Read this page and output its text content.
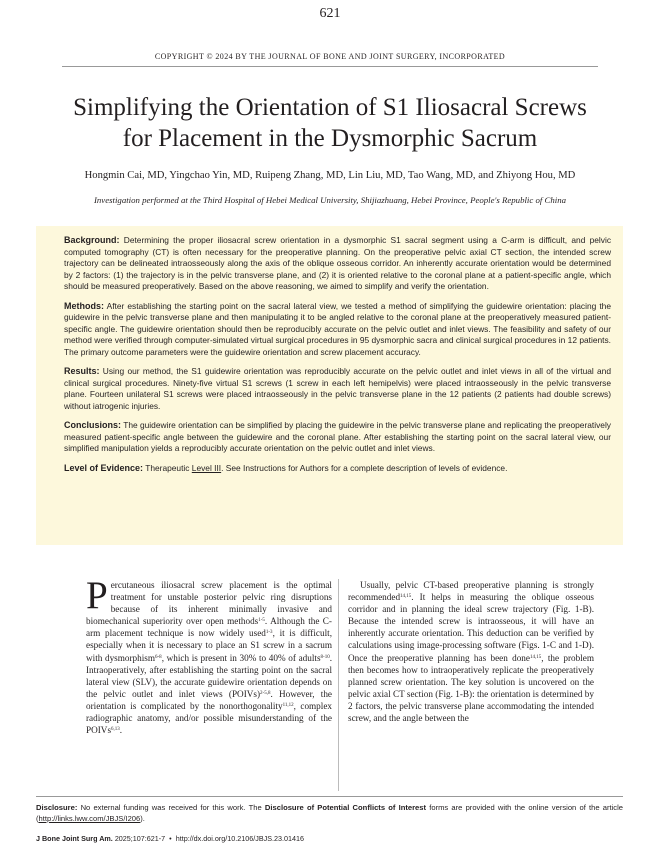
621
COPYRIGHT © 2024 BY THE JOURNAL OF BONE AND JOINT SURGERY, INCORPORATED
Simplifying the Orientation of S1 Iliosacral Screws
for Placement in the Dysmorphic Sacrum
Hongmin Cai, MD, Yingchao Yin, MD, Ruipeng Zhang, MD, Lin Liu, MD, Tao Wang, MD, and Zhiyong Hou, MD
Investigation performed at the Third Hospital of Hebei Medical University, Shijiazhuang, Hebei Province, People's Republic of China

Background: Determining the proper iliosacral screw orientation in a dysmorphic S1 sacral segment using a C-arm is difficult, and pelvic computed tomography (CT) is often necessary for the preoperative planning. On the preoperative pelvic axial CT section, the intended screw trajectory can be delineated intraosseously along the axis of the oblique osseous corridor. An inherently accurate orientation would be determined by 2 factors: (1) the trajectory is in the pelvic transverse plane, and (2) it is oriented relative to the coronal plane at a patient-specific angle, which should be measured preoperatively. Based on the above reasoning, we aimed to simplify and verify the orientation.

Methods: After establishing the starting point on the sacral lateral view, we tested a method of simplifying the guidewire orientation: placing the guidewire in the pelvic transverse plane and then manipulating it to be angled relative to the coronal plane at the preoperatively measured patient-specific angle. The guidewire orientation should then be reproducibly accurate on the pelvic outlet and inlet views. The feasibility and safety of our method were verified through computer-simulated virtual surgical procedures in 95 dysmorphic sacra and clinical surgical procedures in 12 patients. The primary outcome parameters were the guidewire orientation and screw placement accuracy.

Results: Using our method, the S1 guidewire orientation was reproducibly accurate on the pelvic outlet and inlet views in all of the virtual and clinical surgical procedures. Ninety-five virtual S1 screws (1 screw in each left hemipelvis) were placed intraosseously in the pelvic transverse plane. Fourteen unilateral S1 screws were placed intraosseously in the pelvic transverse plane in the 12 patients (2 patients had double screws) without iatrogenic injuries.

Conclusions: The guidewire orientation can be simplified by placing the guidewire in the pelvic transverse plane and replicating the preoperatively measured patient-specific angle between the guidewire and the coronal plane. After establishing the starting point on the sacral lateral view, our simplified manipulation yields a reproducibly accurate orientation on the pelvic outlet and inlet views.

Level of Evidence: Therapeutic Level III. See Instructions for Authors for a complete description of levels of evidence.

Percutaneous iliosacral screw placement is the optimal treatment for unstable posterior pelvic ring disruptions because of its inherent minimally invasive and biomechanical superiority over open methods$^{1-5}$. Although the C-arm placement technique is now widely used$^{1-3}$, it is difficult, especially when it is necessary to place an S1 screw in a sacrum with dysmorphism$^{6-8}$, which is present in 30% to 40% of adults$^{8-10}$. Intraoperatively, after establishing the starting point on the sacral lateral view (SLV), the accurate guidewire orientation depends on the pelvic outlet and inlet views (POIVs)$^{2-5,8}$. However, the orientation is complicated by the nonorthogonality$^{11,12}$, complex radiographic anatomy, and/or possible misunderstanding of the POIVs$^{6,13}$.

Usually, pelvic CT-based preoperative planning is strongly recommended$^{14,15}$. It helps in measuring the oblique osseous corridor and in planning the ideal screw trajectory (Fig. 1-B). Because the intended screw is intraosseous, it will have an inherently accurate orientation. This deduction can be verified by calculations using image-processing software (Figs. 1-C and 1-D). Once the preoperative planning has been done$^{14,15}$, the problem then becomes how to intraoperatively replicate the preoperatively planned screw orientation. The key solution is uncovered on the pelvic axial CT section (Fig. 1-B): the orientation is determined by 2 factors, the pelvic transverse plane accommodating the intended screw, and the angle between the

Disclosure: No external funding was received for this work. The Disclosure of Potential Conflicts of Interest forms are provided with the online version of the article (http://links.lww.com/JBJS/I206).
J Bone Joint Surg Am. 2025;107:621-7 • http://dx.doi.org/10.2106/JBJS.23.01416
